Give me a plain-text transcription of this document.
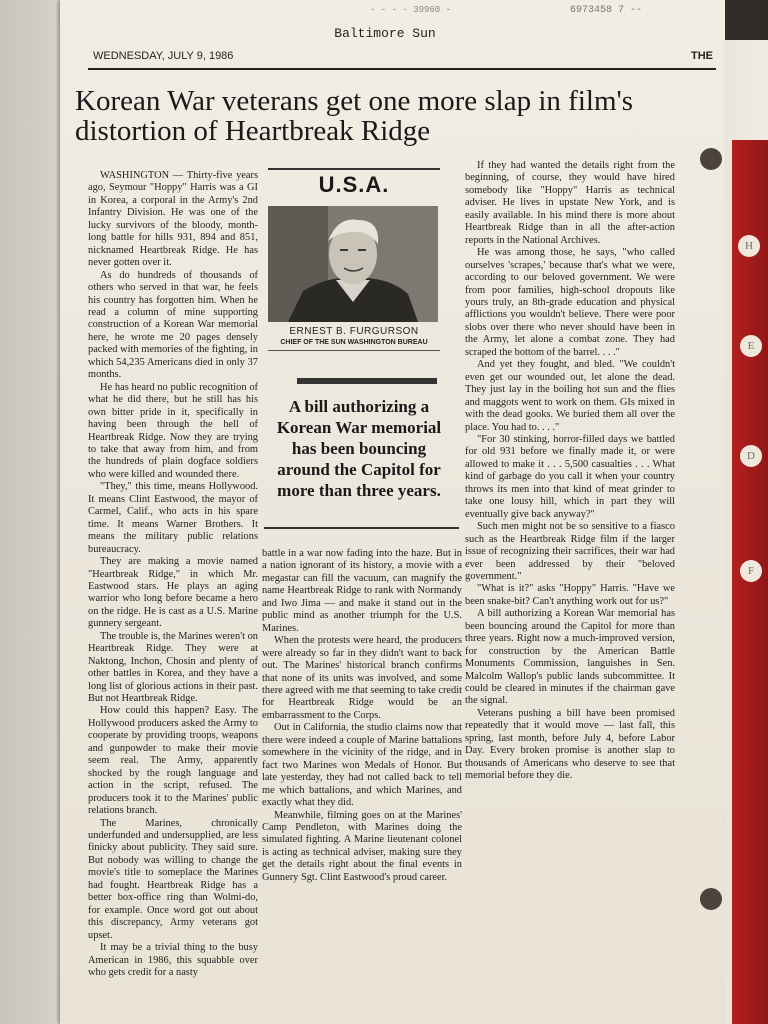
H
E
D
F
- - - - 39960 -	6973458 7 --
Baltimore Sun
WEDNESDAY, JULY 9, 1986	THE
Korean War veterans get one more slap in film's distortion of Heartbreak Ridge

WASHINGTON — Thirty-five years ago, Seymour "Hoppy" Harris was a GI in Korea, a corporal in the Army's 2nd Infantry Division. He was one of the lucky survivors of the bloody, month-long battle for hills 931, 894 and 851, nicknamed Heartbreak Ridge. He has never gotten over it.

As do hundreds of thousands of others who served in that war, he feels his country has forgotten him. When he read a column of mine supporting construction of a Korean War memorial here, he wrote me 20 pages densely packed with memories of the fighting, in which 54,235 Americans died in only 37 months.

He has heard no public recognition of what he did there, but he still has his own bitter pride in it, specifically in having been through the hell of Heartbreak Ridge. Now they are trying to take that away from him, and from the hundreds of plain dogface soldiers who were killed and wounded there.

"They," this time, means Hollywood. It means Clint Eastwood, the mayor of Carmel, Calif., who acts in his spare time. It means Warner Brothers. It means the military public relations bureaucracy.

They are making a movie named "Heartbreak Ridge," in which Mr. Eastwood stars. He plays an aging warrior who long before became a hero on the ridge. He is cast as a U.S. Marine gunnery sergeant.

The trouble is, the Marines weren't on Heartbreak Ridge. They were at Naktong, Inchon, Chosin and plenty of other battles in Korea, and they have a long list of glorious actions in their past. But not Heartbreak Ridge.

How could this happen? Easy. The Hollywood producers asked the Army to cooperate by providing troops, weapons and gunpowder to make their movie seem real. The Army, apparently shocked by the rough language and action in the script, refused. The producers took it to the Marines' public relations branch.

The Marines, chronically underfunded and undersupplied, are less finicky about publicity. They said sure. But nobody was willing to change the movie's title to someplace the Marines had fought. Heartbreak Ridge has a better box-office ring than Wolmi-do, for example. Once word got out about this discrepancy, Army veterans got upset.

It may be a trivial thing to the busy American in 1986, this squabble over who gets credit for a nasty

U.S.A.
ERNEST B. FURGURSON
CHIEF OF THE SUN WASHINGTON BUREAU

A bill authorizing a Korean War memorial has been bouncing around the Capitol for more than three years.

battle in a war now fading into the haze. But in a nation ignorant of its history, a movie with a megastar can fill the vacuum, can magnify the name Heartbreak Ridge to rank with Normandy and Iwo Jima — and make it stand out in the public mind as another triumph for the U.S. Marines.

When the protests were heard, the producers were already so far in they didn't want to back out. The Marines' historical branch confirms that none of its units was involved, and some there agreed with me that seeming to take credit for Heartbreak Ridge would be an embarrassment to the Corps.

Out in California, the studio claims now that there were indeed a couple of Marine battalions somewhere in the vicinity of the ridge, and in fact two Marines won Medals of Honor. But late yesterday, they had not called back to tell me which battalions, and which Marines, and exactly what they did.

Meanwhile, filming goes on at the Marines' Camp Pendleton, with Marines doing the simulated fighting. A Marine lieutenant colonel is acting as technical adviser, making sure they get the details right about the final events in Gunnery Sgt. Clint Eastwood's proud career.

If they had wanted the details right from the beginning, of course, they would have hired somebody like "Hoppy" Harris as technical adviser. He lives in upstate New York, and is easily available. In his mind there is more about Heartbreak Ridge than in all the after-action reports in the National Archives.

He was among those, he says, "who called ourselves 'scrapes,' because that's what we were, according to our beloved government. We were from poor families, high-school dropouts like yours truly, an 8th-grade education and physical afflictions you wouldn't believe. There were poor slobs over there who never should have been in the Army, let alone a combat zone. They had scraped the bottom of the barrel. . . ."

And yet they fought, and bled. "We couldn't even get our wounded out, let alone the dead. They just lay in the boiling hot sun and the flies and maggots went to work on them. GIs mixed in with the dead gooks. We buried them all over the place. You had to. . . ."

"For 30 stinking, horror-filled days we battled for old 931 before we finally made it, or were allowed to make it . . . 5,500 casualties . . . What kind of garbage do you call it when your country throws its men into that kind of meat grinder to take one lousy hill, which in part they will eventually give back anyway?"

Such men might not be so sensitive to a fiasco such as the Heartbreak Ridge film if the larger issue of recognizing their sacrifices, their war had ever been addressed by their "beloved government."

"What is it?" asks "Hoppy" Harris. "Have we been snake-bit? Can't anything work out for us?"

A bill authorizing a Korean War memorial has been bouncing around the Capitol for more than three years. Right now a much-improved version, for construction by the American Battle Monuments Commission, languishes in Sen. Malcolm Wallop's public lands subcommittee. It could be cleared in minutes if the chairman gave the signal.

Veterans pushing a bill have been promised repeatedly that it would move — last fall, this spring, last month, before July 4, before Labor Day. Every broken promise is another slap to thousands of Americans who deserve to see that memorial before they die.
